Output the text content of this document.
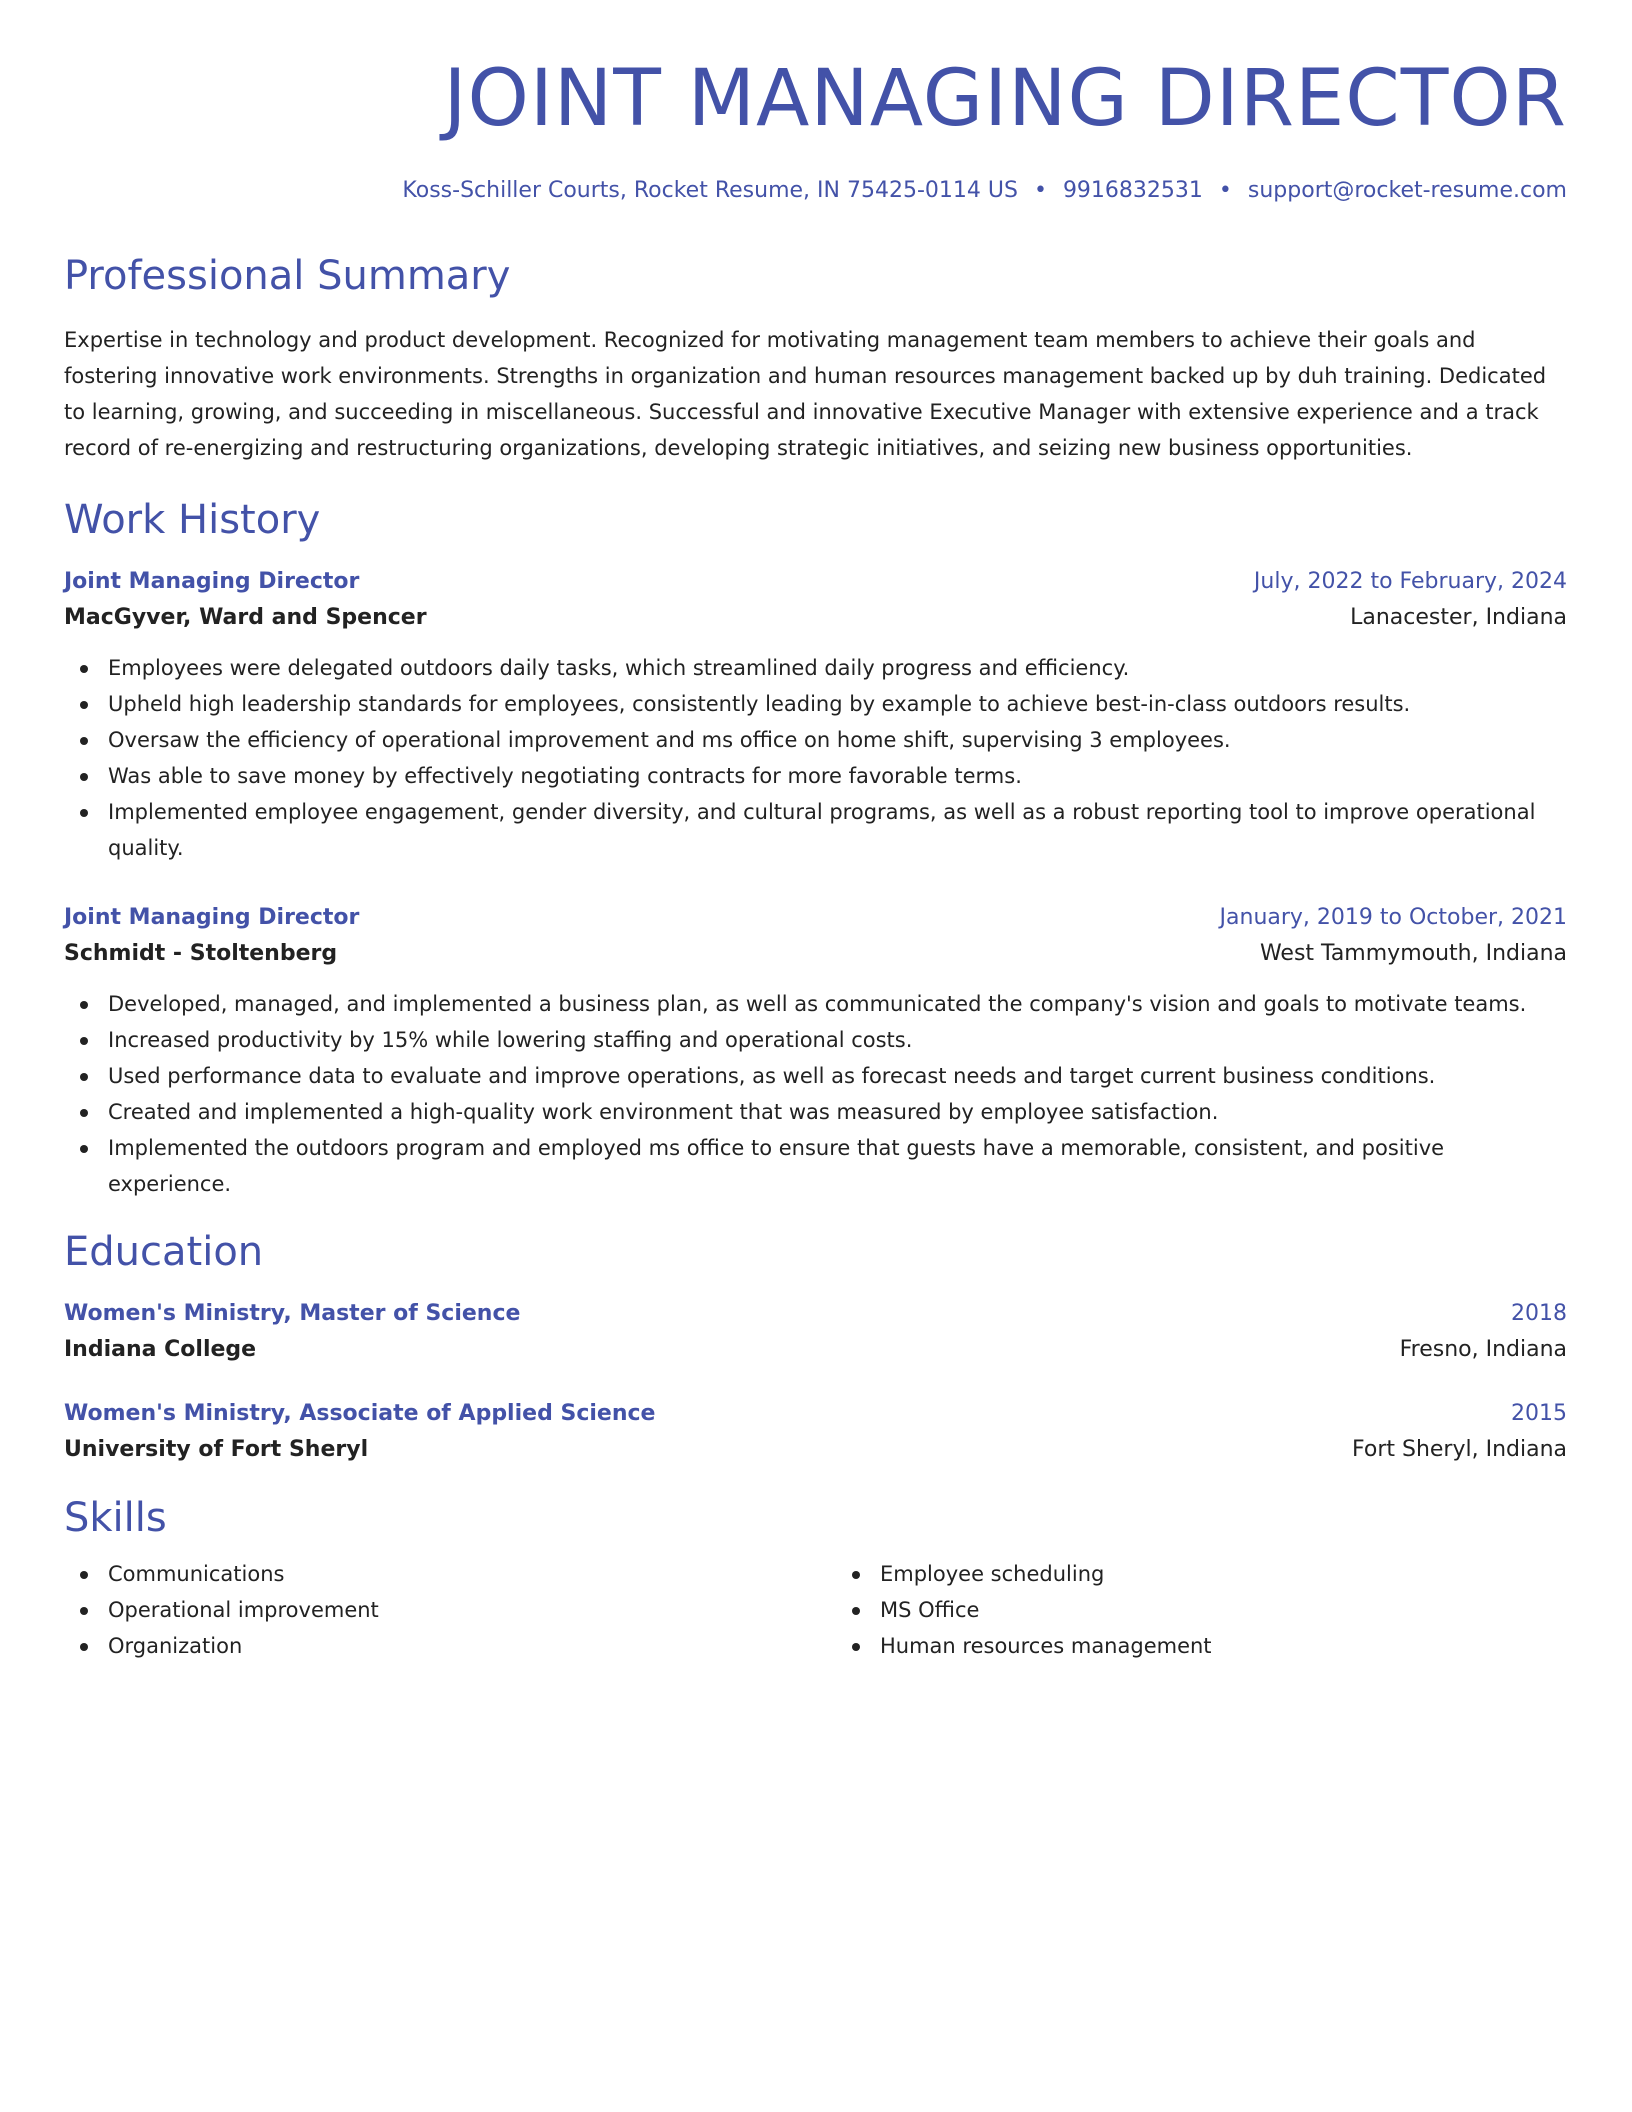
JOINT MANAGING DIRECTOR
Koss-Schiller Courts, Rocket Resume, IN 75425-0114 US • 9916832531 • support@rocket-resume.com
Professional Summary

Expertise in technology and product development. Recognized for motivating management team members to achieve their goals and fostering innovative work environments. Strengths in organization and human resources management backed up by duh training. Dedicated to learning, growing, and succeeding in miscellaneous. Successful and innovative Executive Manager with extensive experience and a track record of re-energizing and restructuring organizations, developing strategic initiatives, and seizing new business opportunities.

Work History
Joint Managing Director	July, 2022 to February, 2024
MacGyver, Ward and Spencer	Lanacester, Indiana
Employees were delegated outdoors daily tasks, which streamlined daily progress and efficiency.
Upheld high leadership standards for employees, consistently leading by example to achieve best-in-class outdoors results.
Oversaw the efficiency of operational improvement and ms office on home shift, supervising 3 employees.
Was able to save money by effectively negotiating contracts for more favorable terms.
Implemented employee engagement, gender diversity, and cultural programs, as well as a robust reporting tool to improve operational quality.
Joint Managing Director	January, 2019 to October, 2021
Schmidt - Stoltenberg	West Tammymouth, Indiana
Developed, managed, and implemented a business plan, as well as communicated the company's vision and goals to motivate teams.
Increased productivity by 15% while lowering staffing and operational costs.
Used performance data to evaluate and improve operations, as well as forecast needs and target current business conditions.
Created and implemented a high-quality work environment that was measured by employee satisfaction.
Implemented the outdoors program and employed ms office to ensure that guests have a memorable, consistent, and positive experience.
Education
Women's Ministry, Master of Science	2018
Indiana College	Fresno, Indiana
Women's Ministry, Associate of Applied Science	2015
University of Fort Sheryl	Fort Sheryl, Indiana
Skills
Communications
Operational improvement
Organization
Employee scheduling
MS Office
Human resources management
